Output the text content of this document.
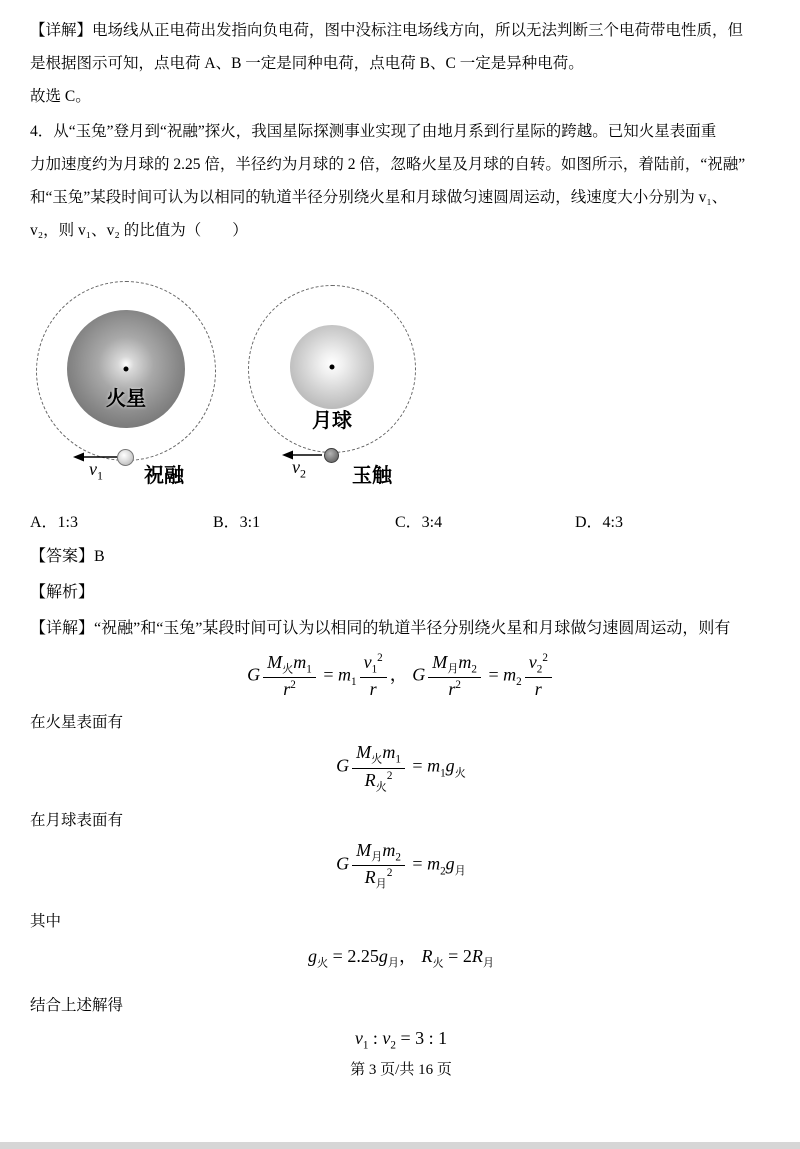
【详解】电场线从正电荷出发指向负电荷，图中没标注电场线方向，所以无法判断三个电荷带电性质，但
是根据图示可知，点电荷 A、B 一定是同种电荷，点电荷 B、C 一定是异种电荷。
故选 C。
4．从“玉兔”登月到“祝融”探火，我国星际探测事业实现了由地月系到行星际的跨越。已知火星表面重
力加速度约为月球的 2.25 倍，半径约为月球的 2 倍，忽略火星及月球的自转。如图所示，着陆前，“祝融”
和“玉兔”某段时间可认为以相同的轨道半径分别绕火星和月球做匀速圆周运动，线速度大小分别为 v₁、
v₂，则 v₁、v₂ 的比值为（　　）
火星
月球
$v_1$ 祝融	$v_2$ 玉触
A．1:3	B．3:1	C．3:4	D．4:3
【答案】B
【解析】
【详解】“祝融”和“玉兔”某段时间可认为以相同的轨道半径分别绕火星和月球做匀速圆周运动，则有
G $\frac{M_火m_1}{r^2} = m_1 \frac{v_1^2}{r}$ ， G $\frac{M_月m_2}{r^2} = m_2 \frac{v_2^2}{r}$
在火星表面有
G $\frac{M_火m_1}{R_火^2} = m_1g_火$
在月球表面有
G $\frac{M_月m_2}{R_月^2} = m_2g_月$
其中
$g_火 = 2.25g_月$， $R_火 = 2R_月$
结合上述解得
$v_1$ : $v_2 = 3$ : 1
第 3 页/共 16 页
